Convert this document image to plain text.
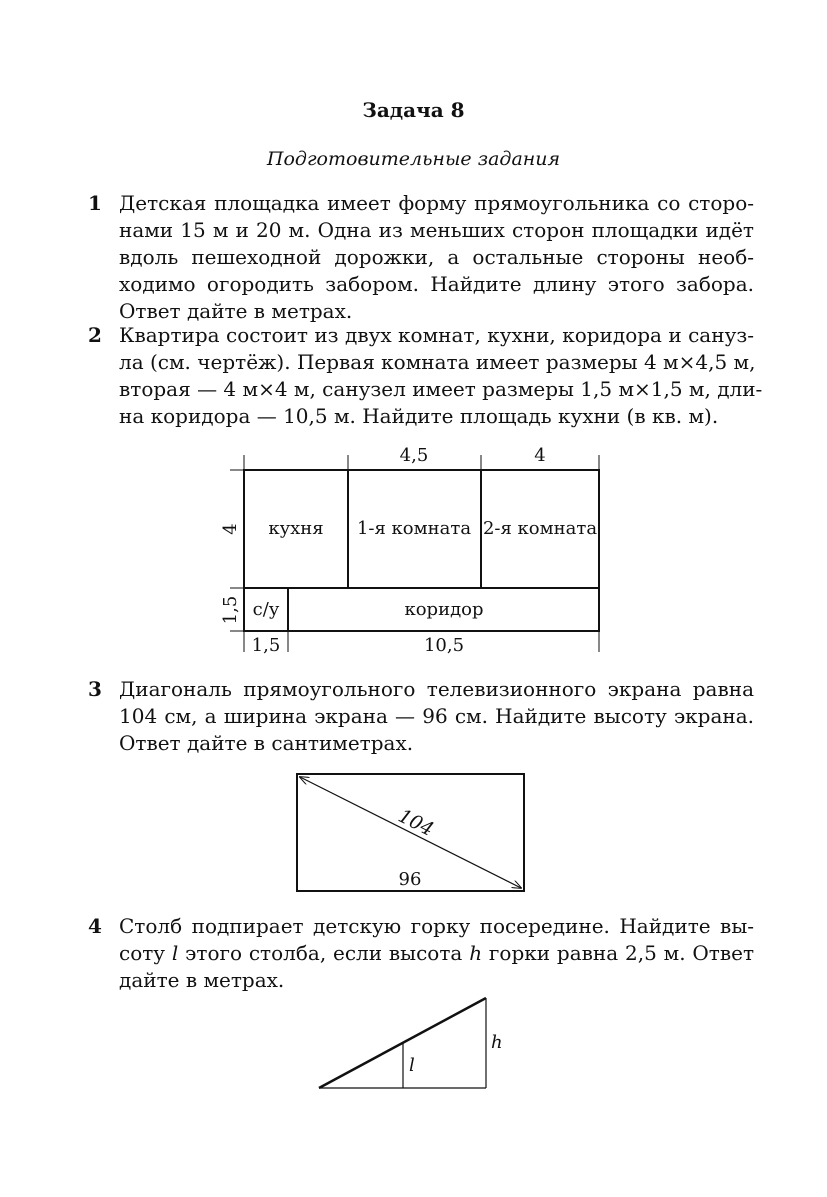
Задача 8
Подготовительные задания
1 Детская площадка имеет форму прямоугольника со сторо-
нами 15 м и 20 м. Одна из меньших сторон площадки идёт
вдоль пешеходной дорожки, а остальные стороны необ-
ходимо огородить забором. Найдите длину этого забора.
Ответ дайте в метрах.
2 Квартира состоит из двух комнат, кухни, коридора и сануз-
ла (см. чертёж). Первая комната имеет размеры 4 м×4,5 м,
вторая — 4 м×4 м, санузел имеет размеры 1,5 м×1,5 м, дли-
на коридора — 10,5 м. Найдите площадь кухни (в кв. м).
4,5	4
4
1,5
1,5	10,5
кухня 1-я комната 2-я комната
с/у	коридор
3 Диагональ прямоугольного телевизионного экрана равна
104 см, а ширина экрана — 96 см. Найдите высоту экрана.
Ответ дайте в сантиметрах.
104
96
4 Столб подпирает детскую горку посередине. Найдите вы-
соту l этого столба, если высота h горки равна 2,5 м. Ответ
дайте в метрах.
l
h
